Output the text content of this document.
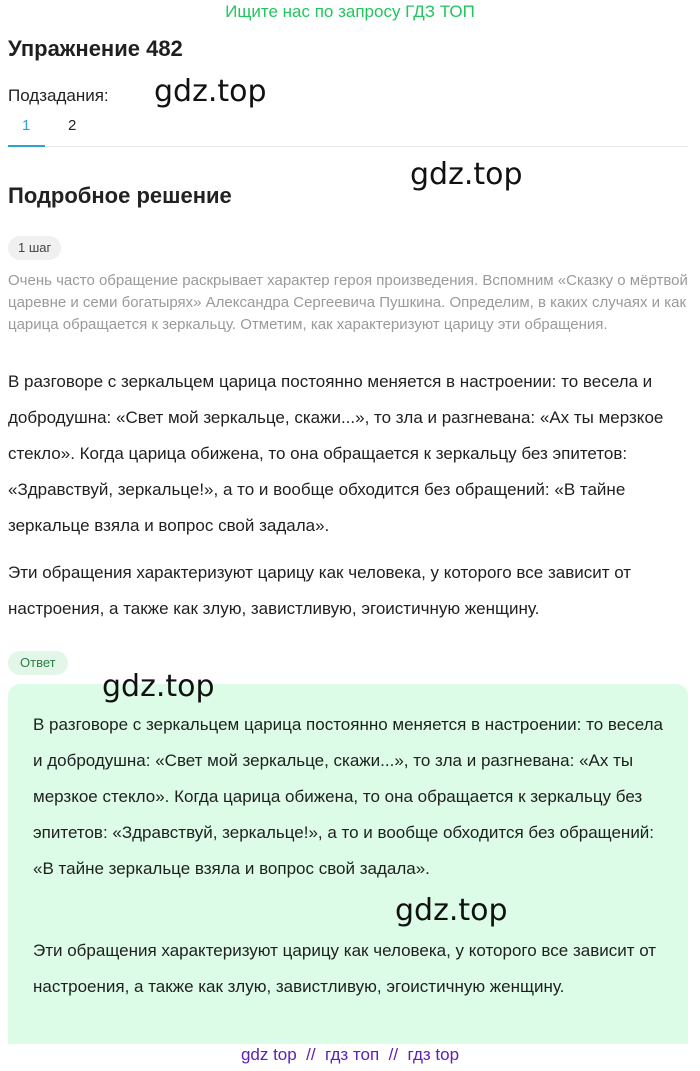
Ищите нас по запросу ГДЗ ТОП
Упражнение 482
Подзадания:
1	2
gdz.top
gdz.top
Подробное решение
1 шаг

Очень часто обращение раскрывает характер героя произведения. Вспомним «Сказку о мёртвой царевне и семи богатырях» Александра Сергеевича Пушкина. Определим, в каких случаях и как царица обращается к зеркальцу. Отметим, как характеризуют царицу эти обращения.

В разговоре с зеркальцем царица постоянно меняется в настроении: то весела и добродушна: «Свет мой зеркальце, скажи...», то зла и разгневана: «Ах ты мерзкое стекло». Когда царица обижена, то она обращается к зеркальцу без эпитетов: «Здравствуй, зеркальце!», а то и вообще обходится без обращений: «В тайне зеркальце взяла и вопрос свой задала».

Эти обращения характеризуют царицу как человека, у которого все зависит от настроения, а также как злую, завистливую, эгоистичную женщину.

Ответ
gdz.top

В разговоре с зеркальцем царица постоянно меняется в настроении: то весела и добродушна: «Свет мой зеркальце, скажи...», то зла и разгневана: «Ах ты мерзкое стекло». Когда царица обижена, то она обращается к зеркальцу без эпитетов: «Здравствуй, зеркальце!», а то и вообще обходится без обращений: «В тайне зеркальце взяла и вопрос свой задала».

gdz.top

Эти обращения характеризуют царицу как человека, у которого все зависит от настроения, а также как злую, завистливую, эгоистичную женщину.

gdz top  //  гдз топ  //  гдз top
